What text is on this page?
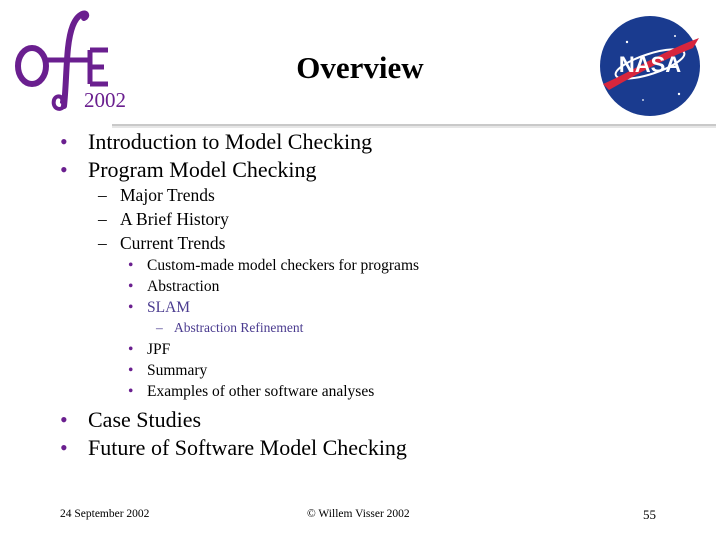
2002
Overview	NASA
• Introduction to Model Checking
• Program Model Checking
– Major Trends
– A Brief History
– Current Trends
• Custom-made model checkers for programs
• Abstraction
• SLAM
– Abstraction Refinement
• JPF
• Summary
• Examples of other software analyses
• Case Studies
• Future of Software Model Checking
24 September 2002	© Willem Visser 2002	55
